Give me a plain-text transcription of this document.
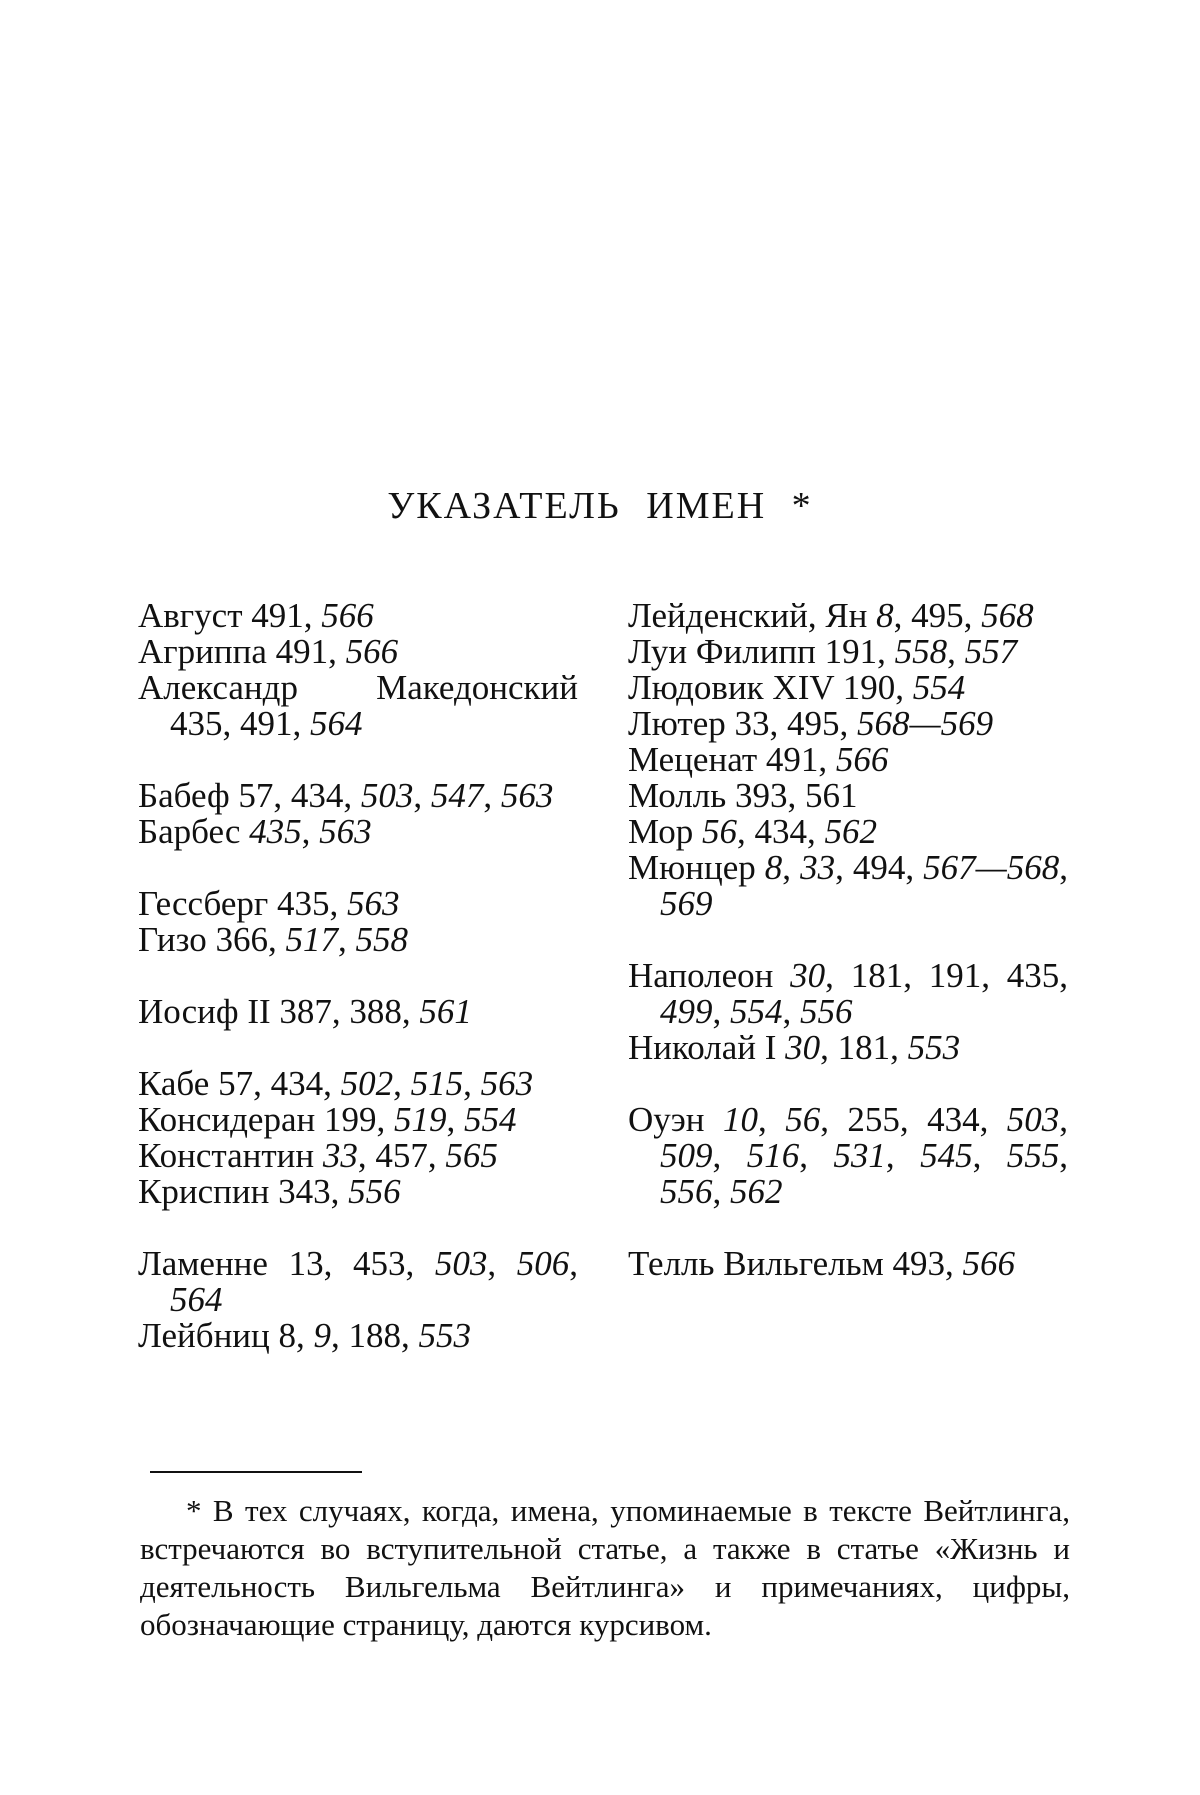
УКАЗАТЕЛЬ ИМЕН *
Август 491, 566
Агриппа 491, 566
Александр Македонский 435, 491, 564
Бабеф 57, 434, 503, 547, 563
Барбес 435, 563
Гессберг 435, 563
Гизо 366, 517, 558
Иосиф II 387, 388, 561
Кабе 57, 434, 502, 515, 563
Консидеран 199, 519, 554
Константин 33, 457, 565
Криспин 343, 556
Ламенне 13, 453, 503, 506, 564
Лейбниц 8, 9, 188, 553
Лейденский, Ян 8, 495, 568
Луи Филипп 191, 558, 557
Людовик XIV 190, 554
Лютер 33, 495, 568—569
Меценат 491, 566
Молль 393, 561
Мор 56, 434, 562
Мюнцер 8, 33, 494, 567—568, 569
Наполеон 30, 181, 191, 435, 499, 554, 556
Николай I 30, 181, 553
Оуэн 10, 56, 255, 434, 503, 509, 516, 531, 545, 555, 556, 562
Телль Вильгельм 493, 566
* В тех случаях, когда, имена, упоминаемые в тексте Вейтлинга, встречаются во вступительной статье, а также в статье «Жизнь и деятельность Вильгельма Вейтлинга» и примечаниях, цифры, обозначающие страницу, даются курсивом.
